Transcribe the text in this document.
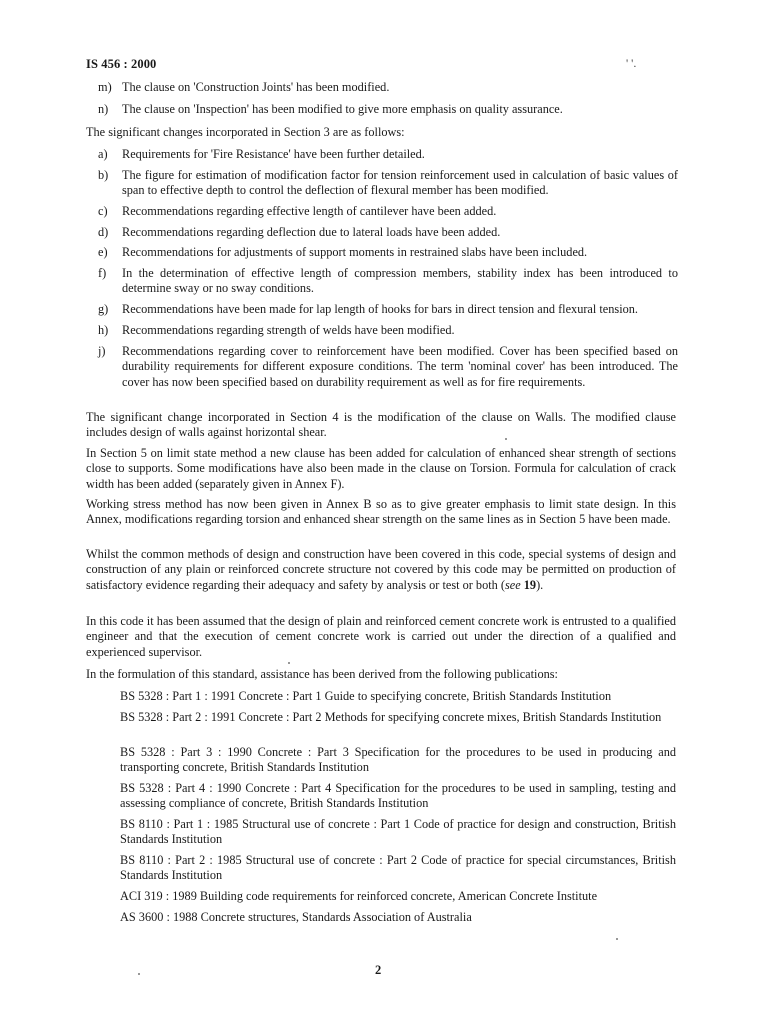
IS 456 : 2000	' '.
m) The clause on 'Construction Joints' has been modified.
n) The clause on 'Inspection' has been modified to give more emphasis on quality assurance.
The significant changes incorporated in Section 3 are as follows:
a) Requirements for 'Fire Resistance' have been further detailed.
b) The figure for estimation of modification factor for tension reinforcement used in calculation of basic values of span to effective depth to control the deflection of flexural member has been modified.
c) Recommendations regarding effective length of cantilever have been added.
d) Recommendations regarding deflection due to lateral loads have been added.
e) Recommendations for adjustments of support moments in restrained slabs have been included.
f) In the determination of effective length of compression members, stability index has been introduced to determine sway or no sway conditions.
g) Recommendations have been made for lap length of hooks for bars in direct tension and flexural tension.
h) Recommendations regarding strength of welds have been modified.
j) Recommendations regarding cover to reinforcement have been modified. Cover has been specified based on durability requirements for different exposure conditions. The term 'nominal cover' has been introduced. The cover has now been specified based on durability requirement as well as for fire requirements.
The significant change incorporated in Section 4 is the modification of the clause on Walls. The modified clause includes design of walls against horizontal shear.
In Section 5 on limit state method a new clause has been added for calculation of enhanced shear strength of sections close to supports. Some modifications have also been made in the clause on Torsion. Formula for calculation of crack width has been added (separately given in Annex F).
Working stress method has now been given in Annex B so as to give greater emphasis to limit state design. In this Annex, modifications regarding torsion and enhanced shear strength on the same lines as in Section 5 have been made.
Whilst the common methods of design and construction have been covered in this code, special systems of design and construction of any plain or reinforced concrete structure not covered by this code may be permitted on production of satisfactory evidence regarding their adequacy and safety by analysis or test or both (see 19).
In this code it has been assumed that the design of plain and reinforced cement concrete work is entrusted to a qualified engineer and that the execution of cement concrete work is carried out under the direction of a qualified and experienced supervisor.
In the formulation of this standard, assistance has been derived from the following publications:
BS 5328 : Part 1 : 1991 Concrete : Part 1 Guide to specifying concrete, British Standards Institution
BS 5328 : Part 2 : 1991 Concrete : Part 2 Methods for specifying concrete mixes, British Standards Institution
BS 5328 : Part 3 : 1990 Concrete : Part 3 Specification for the procedures to be used in producing and transporting concrete, British Standards Institution
BS 5328 : Part 4 : 1990 Concrete : Part 4 Specification for the procedures to be used in sampling, testing and assessing compliance of concrete, British Standards Institution
BS 8110 : Part 1 : 1985 Structural use of concrete : Part 1 Code of practice for design and construction, British Standards Institution
BS 8110 : Part 2 : 1985 Structural use of concrete : Part 2 Code of practice for special circumstances, British Standards Institution
ACI 319 : 1989 Building code requirements for reinforced concrete, American Concrete Institute
AS 3600 : 1988 Concrete structures, Standards Association of Australia
2
